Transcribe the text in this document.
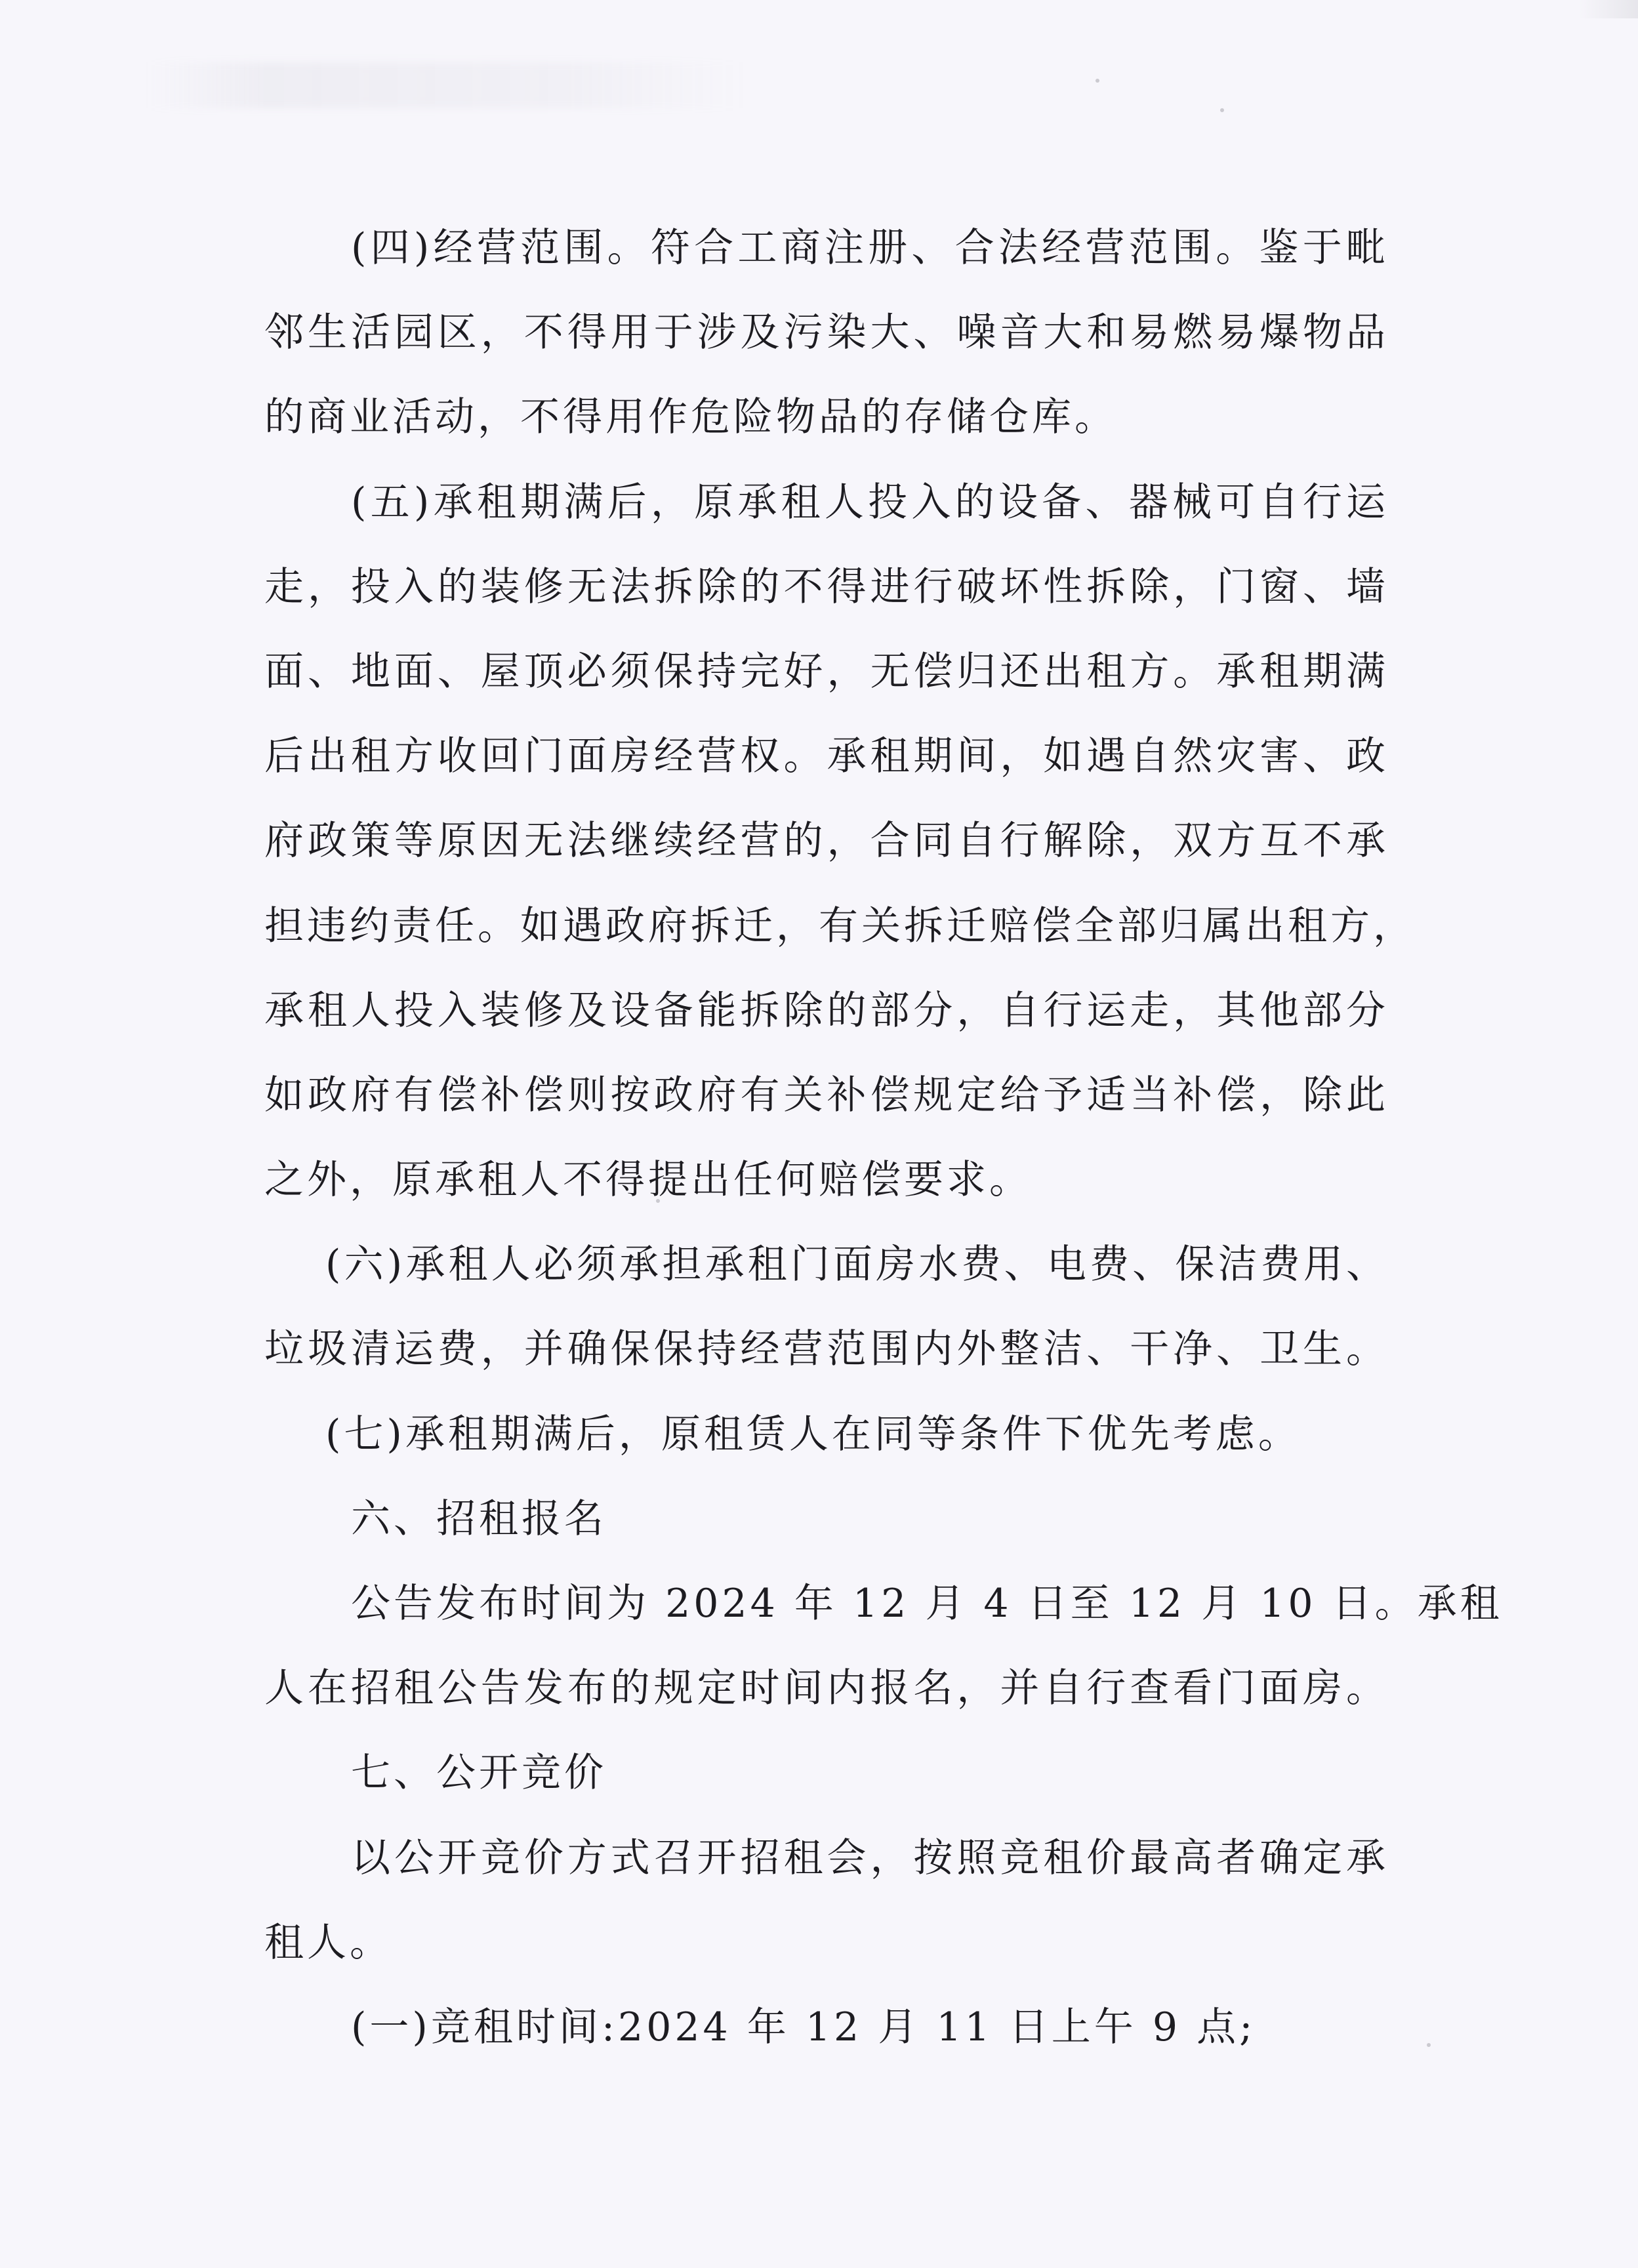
(四)经营范围。符合工商注册、合法经营范围。鉴于毗
邻生活园区，不得用于涉及污染大、噪音大和易燃易爆物品
的商业活动，不得用作危险物品的存储仓库。
(五)承租期满后，原承租人投入的设备、器械可自行运
走，投入的装修无法拆除的不得进行破坏性拆除，门窗、墙
面、地面、屋顶必须保持完好，无偿归还出租方。承租期满
后出租方收回门面房经营权。承租期间，如遇自然灾害、政
府政策等原因无法继续经营的，合同自行解除，双方互不承
担违约责任。如遇政府拆迁，有关拆迁赔偿全部归属出租方，
承租人投入装修及设备能拆除的部分，自行运走，其他部分
如政府有偿补偿则按政府有关补偿规定给予适当补偿，除此
之外，原承租人不得提出任何赔偿要求。
(六)承租人必须承担承租门面房水费、电费、保洁费用、
垃圾清运费，并确保保持经营范围内外整洁、干净、卫生。
(七)承租期满后，原租赁人在同等条件下优先考虑。
六、招租报名
公告发布时间为 2024 年 12 月 4 日至 12 月 10 日。承租
人在招租公告发布的规定时间内报名，并自行查看门面房。
七、公开竞价
以公开竞价方式召开招租会，按照竞租价最高者确定承
租人。
(一)竞租时间:2024 年 12 月 11 日上午 9 点;
